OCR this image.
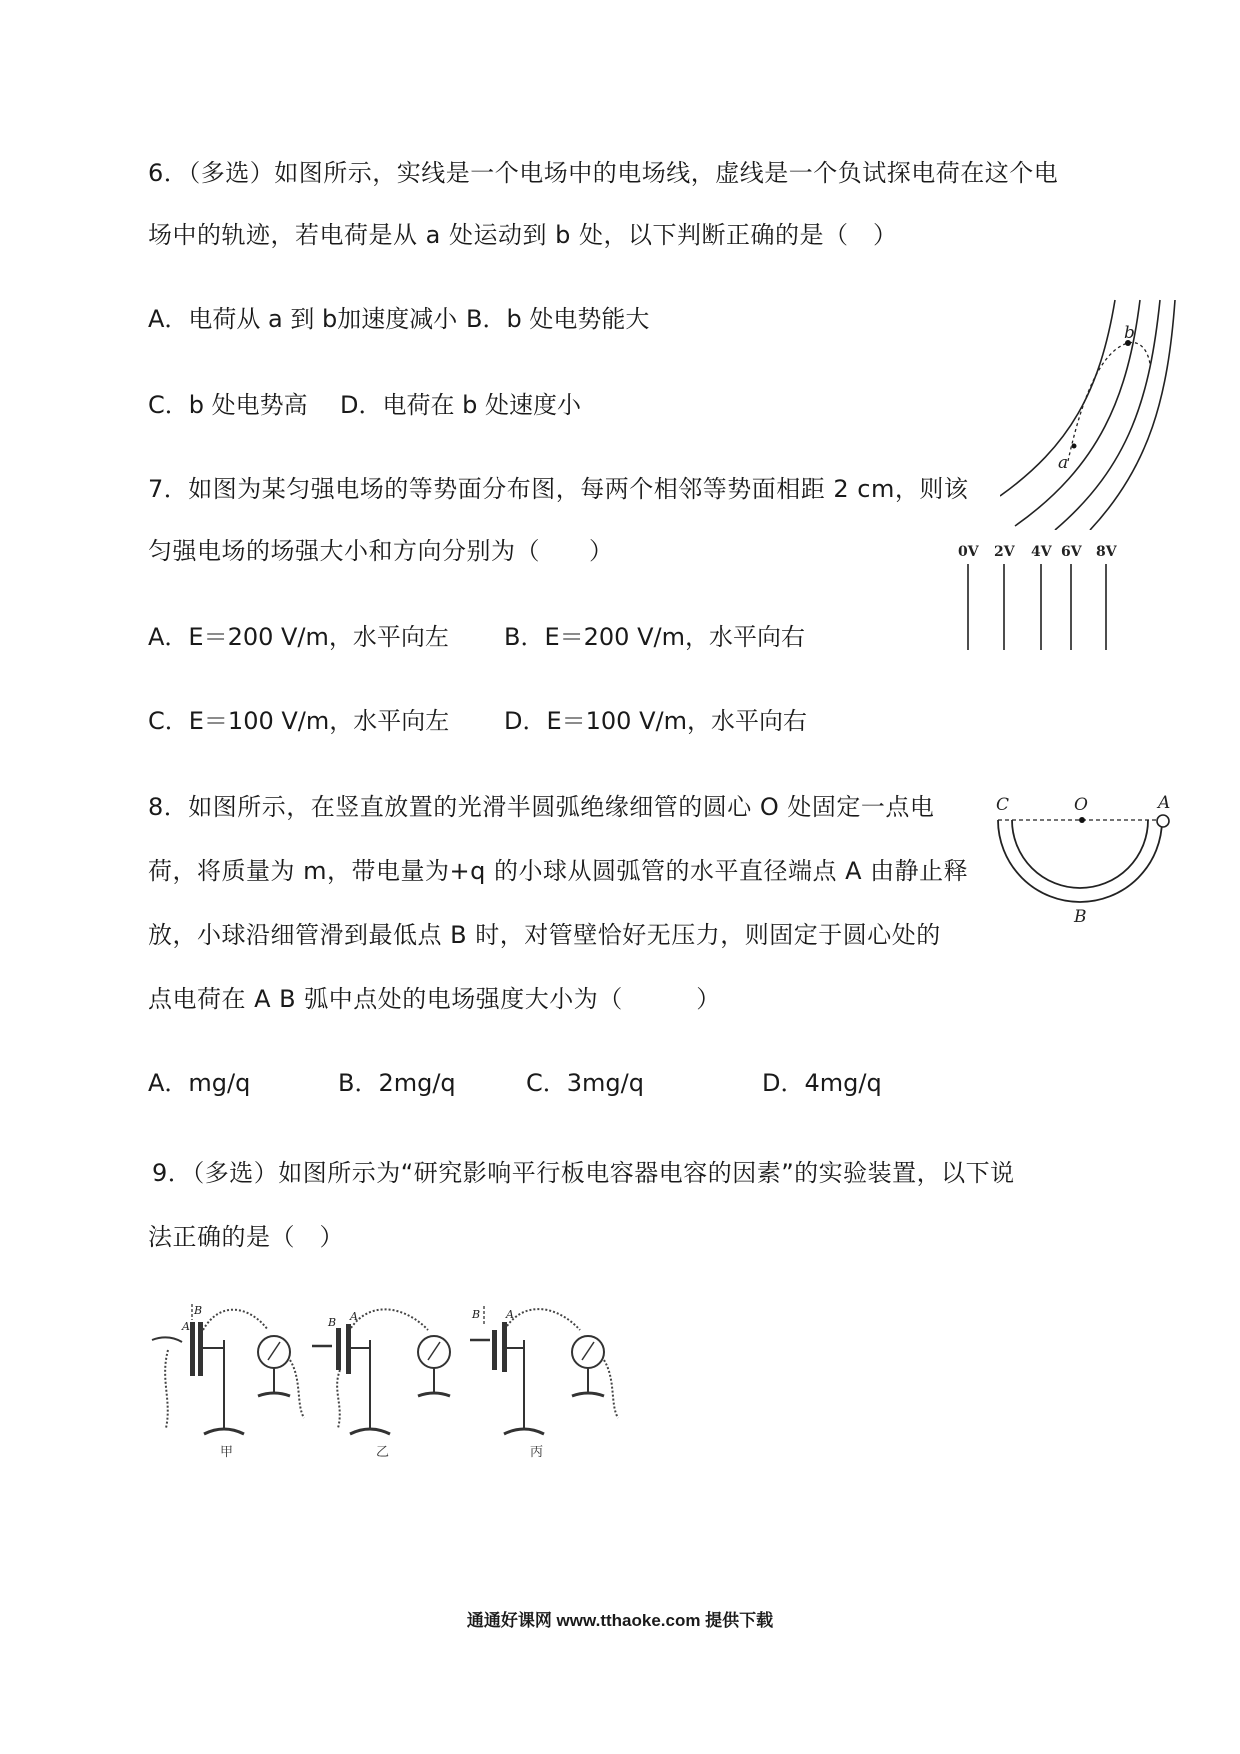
6．（多选）如图所示，实线是一个电场中的电场线，虚线是一个负试探电荷在这个电
场中的轨迹，若电荷是从 a 处运动到 b 处，以下判断正确的是（　）
A．电荷从 a 到 b加速度减小 B．b 处电势能大
C．b 处电势高 D．电荷在 b 处速度小
b
a
7．如图为某匀强电场的等势面分布图，每两个相邻等势面相距 2 cm，则该
匀强电场的场强大小和方向分别为（　　）
A．E＝200 V/m，水平向左 B．E＝200 V/m，水平向右
C．E＝100 V/m，水平向左 D．E＝100 V/m，水平向右
0V 2V 4V 6V 8V
8．如图所示，在竖直放置的光滑半圆弧绝缘细管的圆心 O 处固定一点电
荷，将质量为 m，带电量为+q 的小球从圆弧管的水平直径端点 A 由静止释
放，小球沿细管滑到最低点 B 时，对管壁恰好无压力，则固定于圆心处的
点电荷在 A B 弧中点处的电场强度大小为（　　　）
A．mg/q	B．2mg/q	C．3mg/q	D．4mg/q
C	O	A
B
9．（多选）如图所示为“研究影响平行板电容器电容的因素”的实验装置，以下说
法正确的是（　）
B
A
甲
B A
乙
B A
丙
通通好课网 www.tthaoke.com 提供下载
